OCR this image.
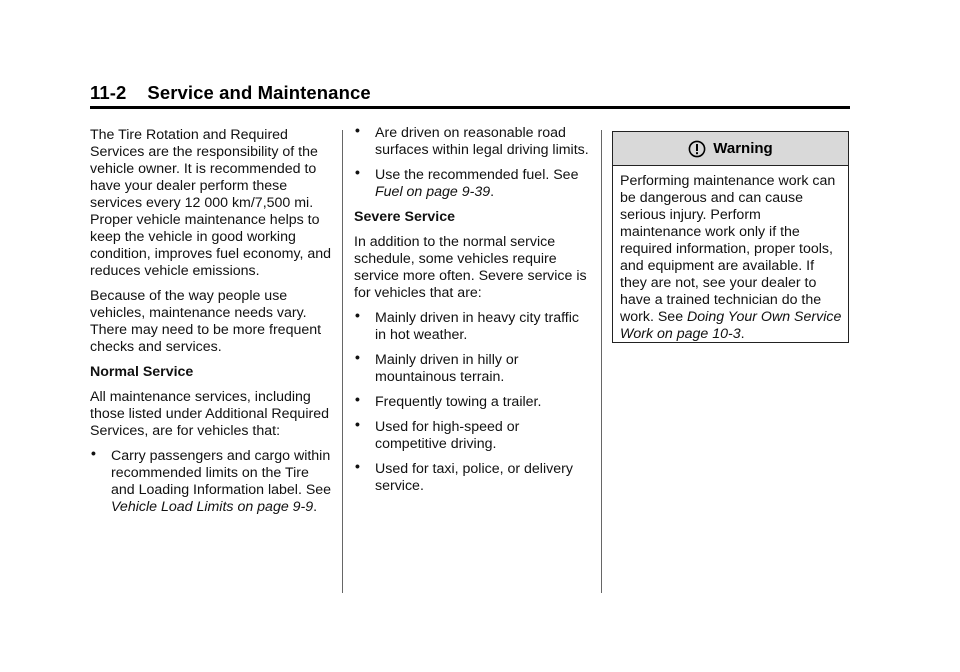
11-2 Service and Maintenance

The Tire Rotation and Required Services are the responsibility of the vehicle owner. It is recommended to have your dealer perform these services every 12 000 km/7,500 mi. Proper vehicle maintenance helps to keep the vehicle in good working condition, improves fuel economy, and reduces vehicle emissions.

Because of the way people use vehicles, maintenance needs vary. There may need to be more frequent checks and services.

Normal Service

All maintenance services, including those listed under Additional Required Services, are for vehicles that:

• Carry passengers and cargo within recommended limits on the Tire and Loading Information label. See Vehicle Load Limits on page 9-9.
• Are driven on reasonable road surfaces within legal driving limits.
• Use the recommended fuel. See Fuel on page 9-39.
Severe Service

In addition to the normal service schedule, some vehicles require service more often. Severe service is for vehicles that are:

• Mainly driven in heavy city traffic in hot weather.
• Mainly driven in hilly or mountainous terrain.
• Frequently towing a trailer.
• Used for high-speed or competitive driving.
• Used for taxi, police, or delivery service.
Warning

Performing maintenance work can be dangerous and can cause serious injury. Perform maintenance work only if the required information, proper tools, and equipment are available. If they are not, see your dealer to have a trained technician do the work. See Doing Your Own Service Work on page 10-3.
